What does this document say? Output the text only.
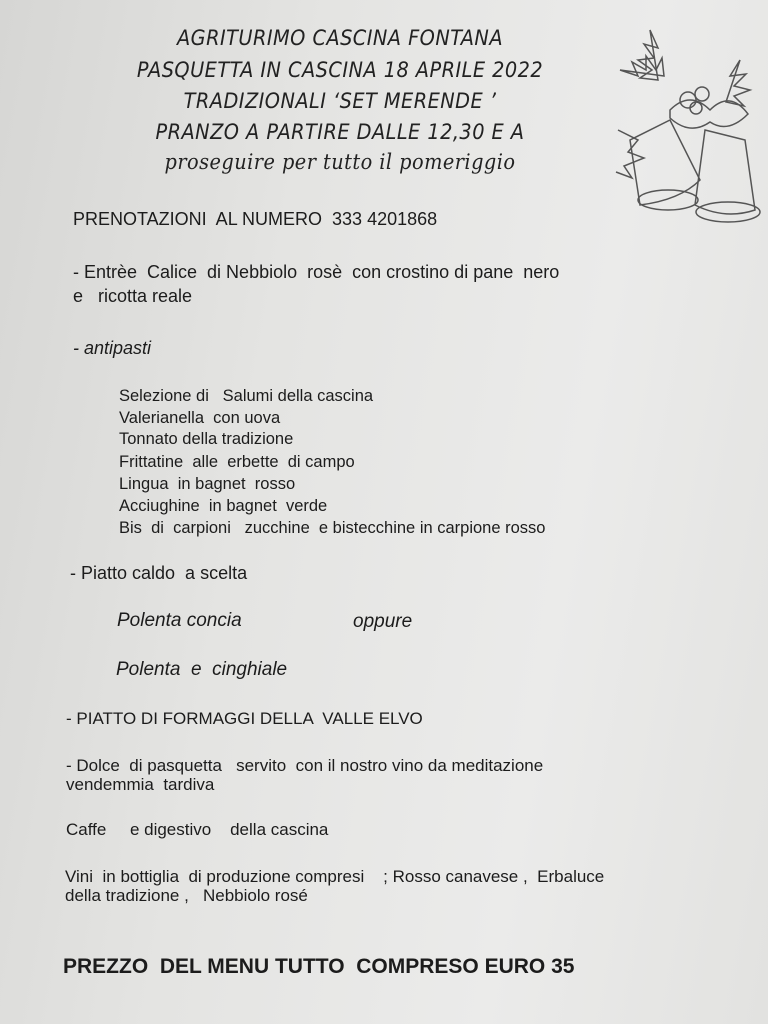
AGRITURIMO CASCINA FONTANA
PASQUETTA IN CASCINA 18 APRILE 2022
TRADIZIONALI ‘SET MERENDE ’
PRANZO A PARTIRE DALLE 12,30 E A
proseguire per tutto il pomeriggio
PRENOTAZIONI  AL NUMERO  333 4201868
- Entrèe  Calice  di Nebbiolo  rosè  con crostino di pane  nero
e   ricotta reale
- antipasti
Selezione di   Salumi della cascina
Valerianella  con uova
Tonnato della tradizione
Frittatine  alle  erbette  di campo
Lingua  in bagnet  rosso
Acciughine  in bagnet  verde
Bis  di  carpioni   zucchine  e bistecchine in carpione rosso
- Piatto caldo  a scelta
Polenta concia	oppure
Polenta  e  cinghiale
- PIATTO DI FORMAGGI DELLA  VALLE ELVO
- Dolce  di pasquetta   servito  con il nostro vino da meditazione
vendemmia  tardiva
Caffe     e digestivo    della cascina
Vini  in bottiglia  di produzione compresi    ; Rosso canavese ,  Erbaluce
della tradizione ,   Nebbiolo rosé
PREZZO  DEL MENU TUTTO  COMPRESO EURO 35
